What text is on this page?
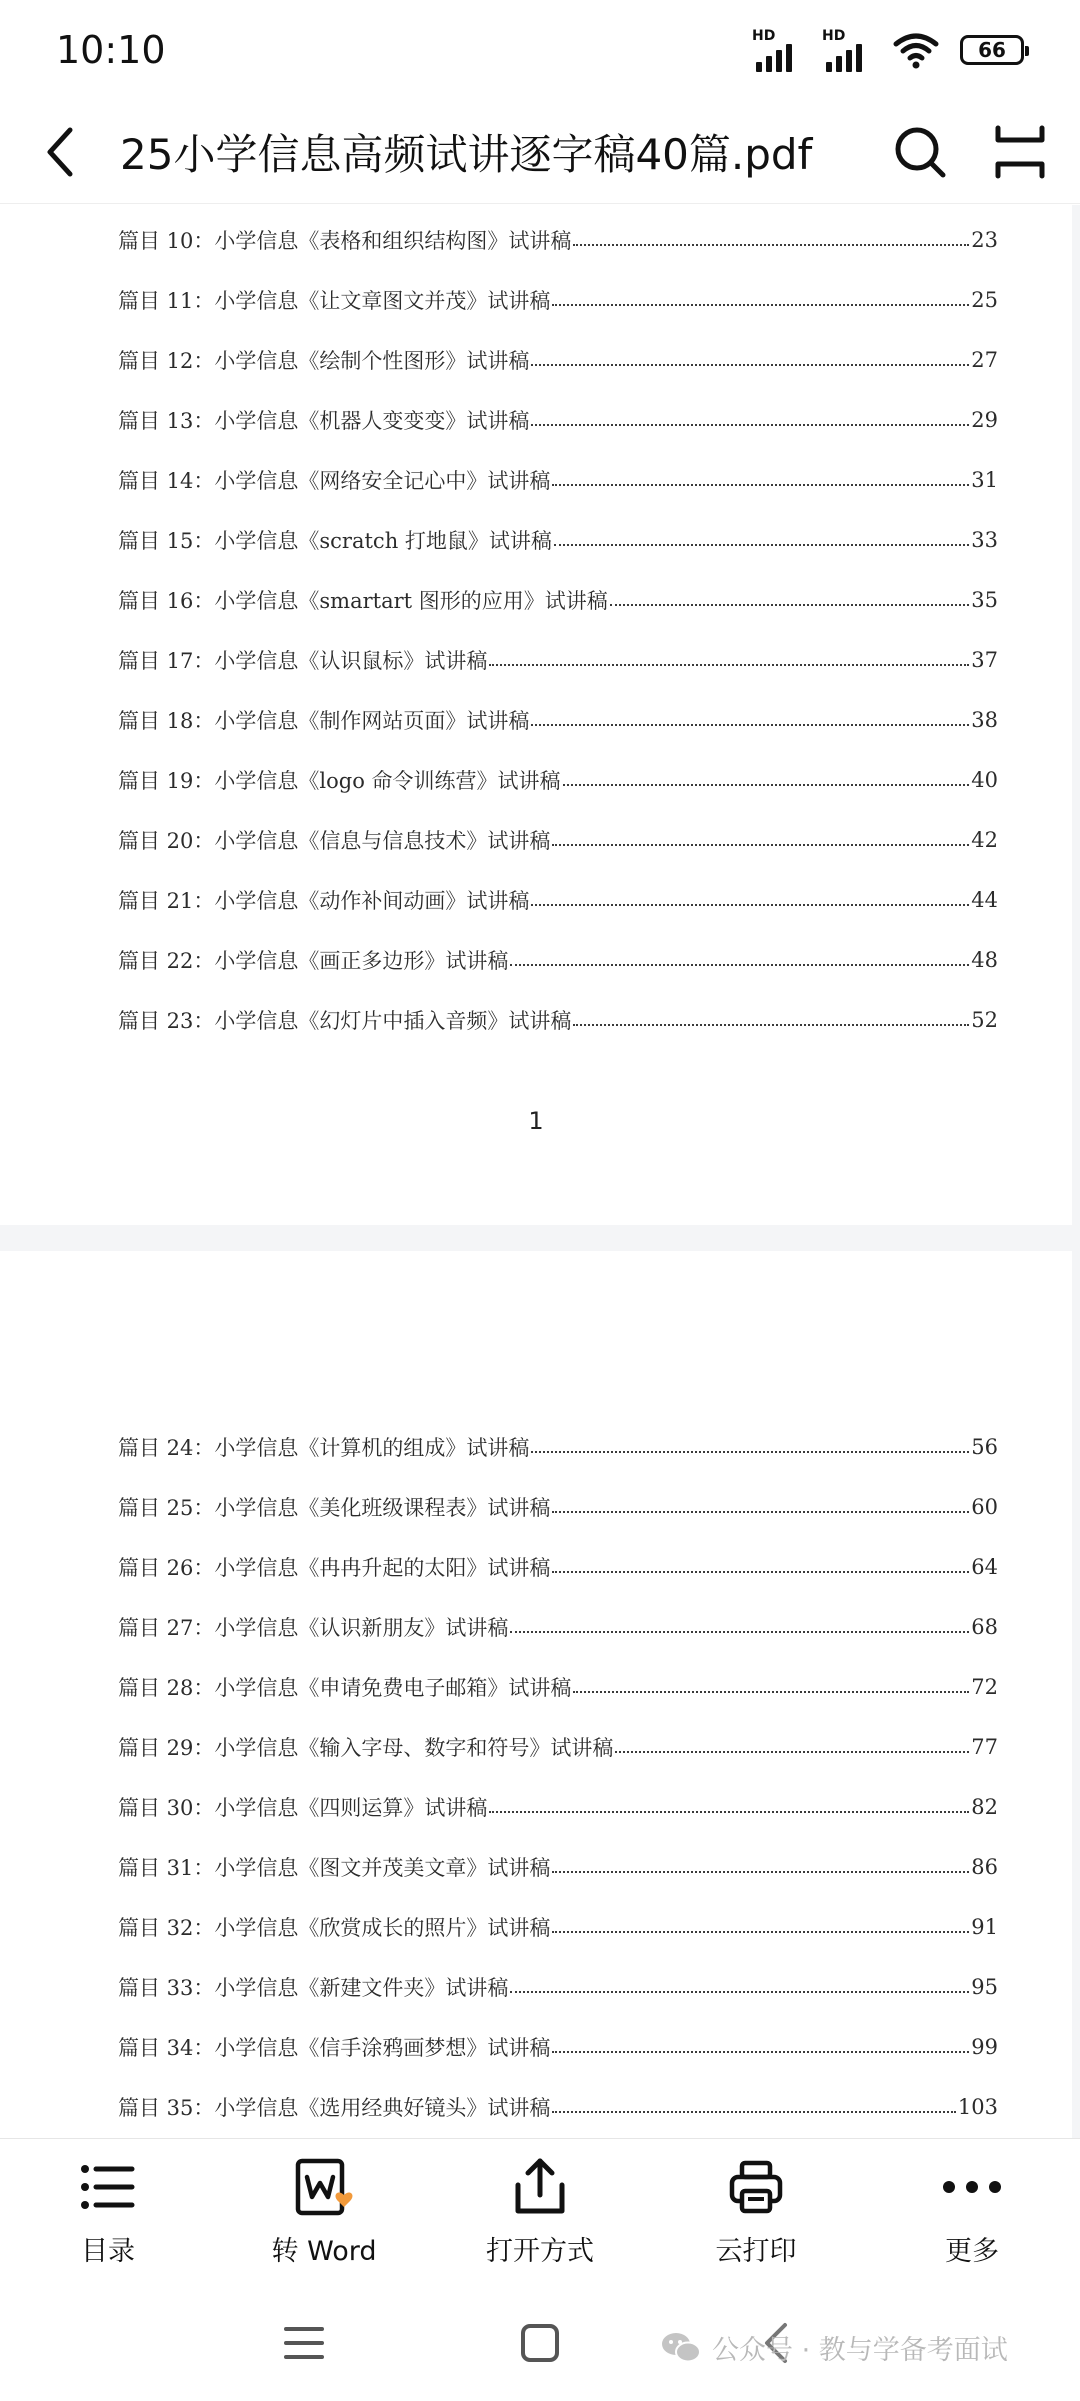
10:10	HD	HD
66
25小学信息高频试讲逐字稿40篇.pdf
篇目 10：小学信息《表格和组织结构图》试讲稿	23
篇目 11：小学信息《让文章图文并茂》试讲稿	25
篇目 12：小学信息《绘制个性图形》试讲稿	27
篇目 13：小学信息《机器人变变变》试讲稿	29
篇目 14：小学信息《网络安全记心中》试讲稿	31
篇目 15：小学信息《scratch 打地鼠》试讲稿	33
篇目 16：小学信息《smartart 图形的应用》试讲稿	35
篇目 17：小学信息《认识鼠标》试讲稿	37
篇目 18：小学信息《制作网站页面》试讲稿	38
篇目 19：小学信息《logo 命令训练营》试讲稿	40
篇目 20：小学信息《信息与信息技术》试讲稿	42
篇目 21：小学信息《动作补间动画》试讲稿	44
篇目 22：小学信息《画正多边形》试讲稿	48
篇目 23：小学信息《幻灯片中插入音频》试讲稿	52
1
篇目 24：小学信息《计算机的组成》试讲稿	56
篇目 25：小学信息《美化班级课程表》试讲稿	60
篇目 26：小学信息《冉冉升起的太阳》试讲稿	64
篇目 27：小学信息《认识新朋友》试讲稿	68
篇目 28：小学信息《申请免费电子邮箱》试讲稿	72
篇目 29：小学信息《输入字母、数字和符号》试讲稿	77
篇目 30：小学信息《四则运算》试讲稿	82
篇目 31：小学信息《图文并茂美文章》试讲稿	86
篇目 32：小学信息《欣赏成长的照片》试讲稿	91
篇目 33：小学信息《新建文件夹》试讲稿	95
篇目 34：小学信息《信手涂鸦画梦想》试讲稿	99
篇目 35：小学信息《选用经典好镜头》试讲稿	103
目录	转 Word	打开方式	云打印	更多
公众号 · 教与学备考面试
